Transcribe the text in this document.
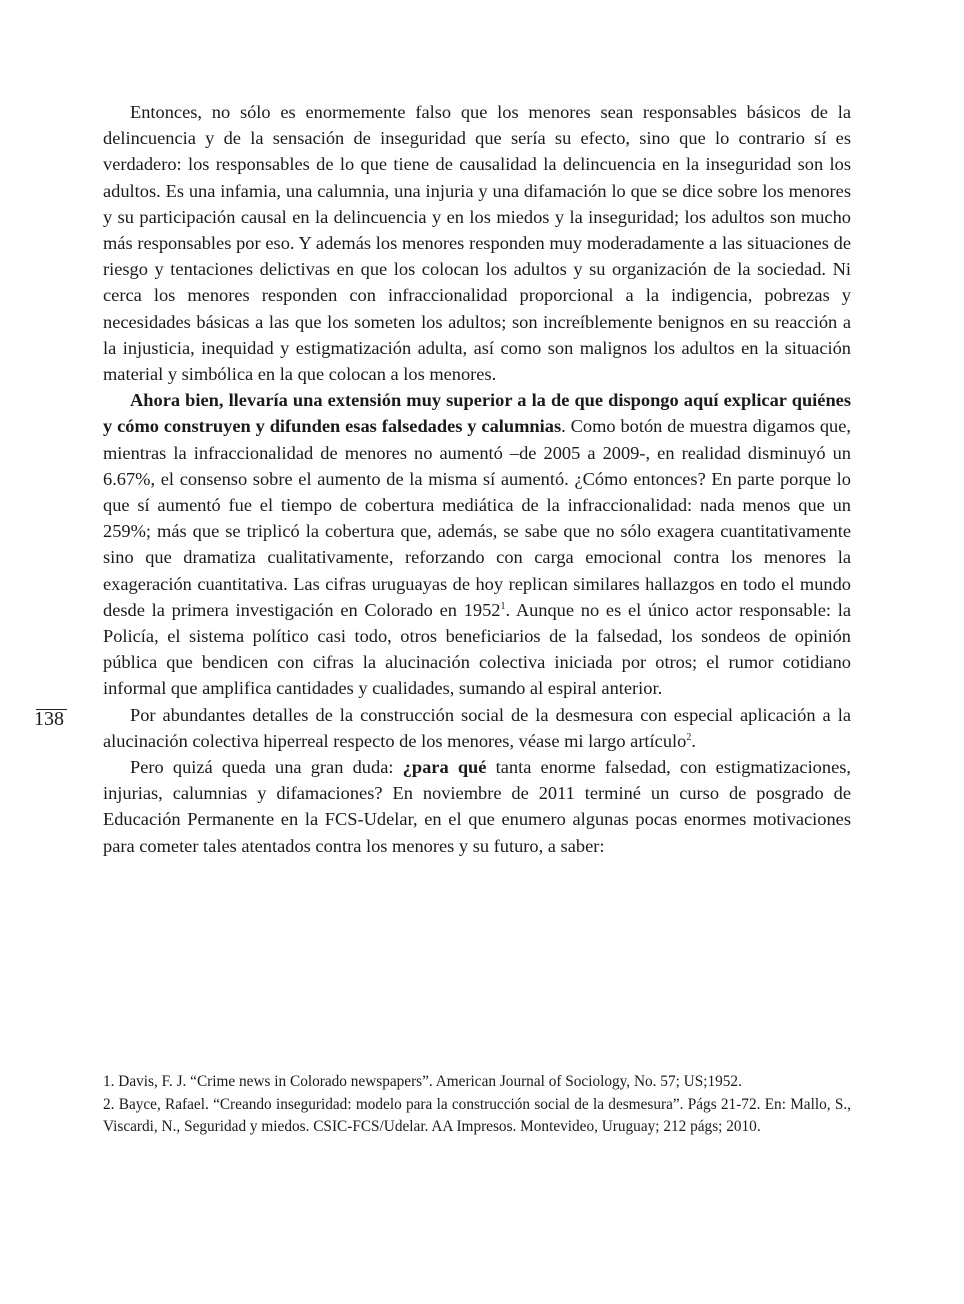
Entonces, no sólo es enormemente falso que los menores sean responsables básicos de la delincuencia y de la sensación de inseguridad que sería su efecto, sino que lo contrario sí es verdadero: los responsables de lo que tiene de causalidad la delincuencia en la inseguridad son los adultos. Es una infamia, una calumnia, una injuria y una difamación lo que se dice sobre los menores y su participación causal en la delincuencia y en los miedos y la inseguridad; los adultos son mucho más responsables por eso. Y además los menores responden muy moderadamente a las situaciones de riesgo y tentaciones delictivas en que los colocan los adultos y su organización de la sociedad. Ni cerca los menores responden con infraccionalidad proporcional a la indigencia, pobrezas y necesidades básicas a las que los someten los adultos; son increíblemente benignos en su reacción a la injusticia, inequidad y estigmatización adulta, así como son malignos los adultos en la situación material y simbólica en la que colocan a los menores.

Ahora bien, llevaría una extensión muy superior a la de que dispongo aquí explicar quiénes y cómo construyen y difunden esas falsedades y calumnias. Como botón de muestra digamos que, mientras la infraccionalidad de menores no aumentó –de 2005 a 2009-, en realidad disminuyó un 6.67%, el consenso sobre el aumento de la misma sí aumentó. ¿Cómo entonces? En parte porque lo que sí aumentó fue el tiempo de cobertura mediática de la infraccionalidad: nada menos que un 259%; más que se triplicó la cobertura que, además, se sabe que no sólo exagera cuantitativamente sino que dramatiza cualitativamente, reforzando con carga emocional contra los menores la exageración cuantitativa. Las cifras uruguayas de hoy replican similares hallazgos en todo el mundo desde la primera investigación en Colorado en 1952$^1$. Aunque no es el único actor responsable: la Policía, el sistema político casi todo, otros beneficiarios de la falsedad, los sondeos de opinión pública que bendicen con cifras la alucinación colectiva iniciada por otros; el rumor cotidiano informal que amplifica cantidades y cualidades, sumando al espiral anterior.

Por abundantes detalles de la construcción social de la desmesura con especial aplicación a la alucinación colectiva hiperreal respecto de los menores, véase mi largo artículo$^2$.

Pero quizá queda una gran duda: ¿para qué tanta enorme falsedad, con estigmatizaciones, injurias, calumnias y difamaciones? En noviembre de 2011 terminé un curso de posgrado de Educación Permanente en la FCS-Udelar, en el que enumero algunas pocas enormes motivaciones para cometer tales atentados contra los menores y su futuro, a saber:

138

1. Davis, F. J. “Crime news in Colorado newspapers”. American Journal of Sociology, No. 57; US;1952.

2. Bayce, Rafael. “Creando inseguridad: modelo para la construcción social de la desmesura”. Págs 21-72. En: Mallo, S., Viscardi, N., Seguridad y miedos. CSIC-FCS/Udelar. AA Impresos. Montevideo, Uruguay; 212 págs; 2010.
